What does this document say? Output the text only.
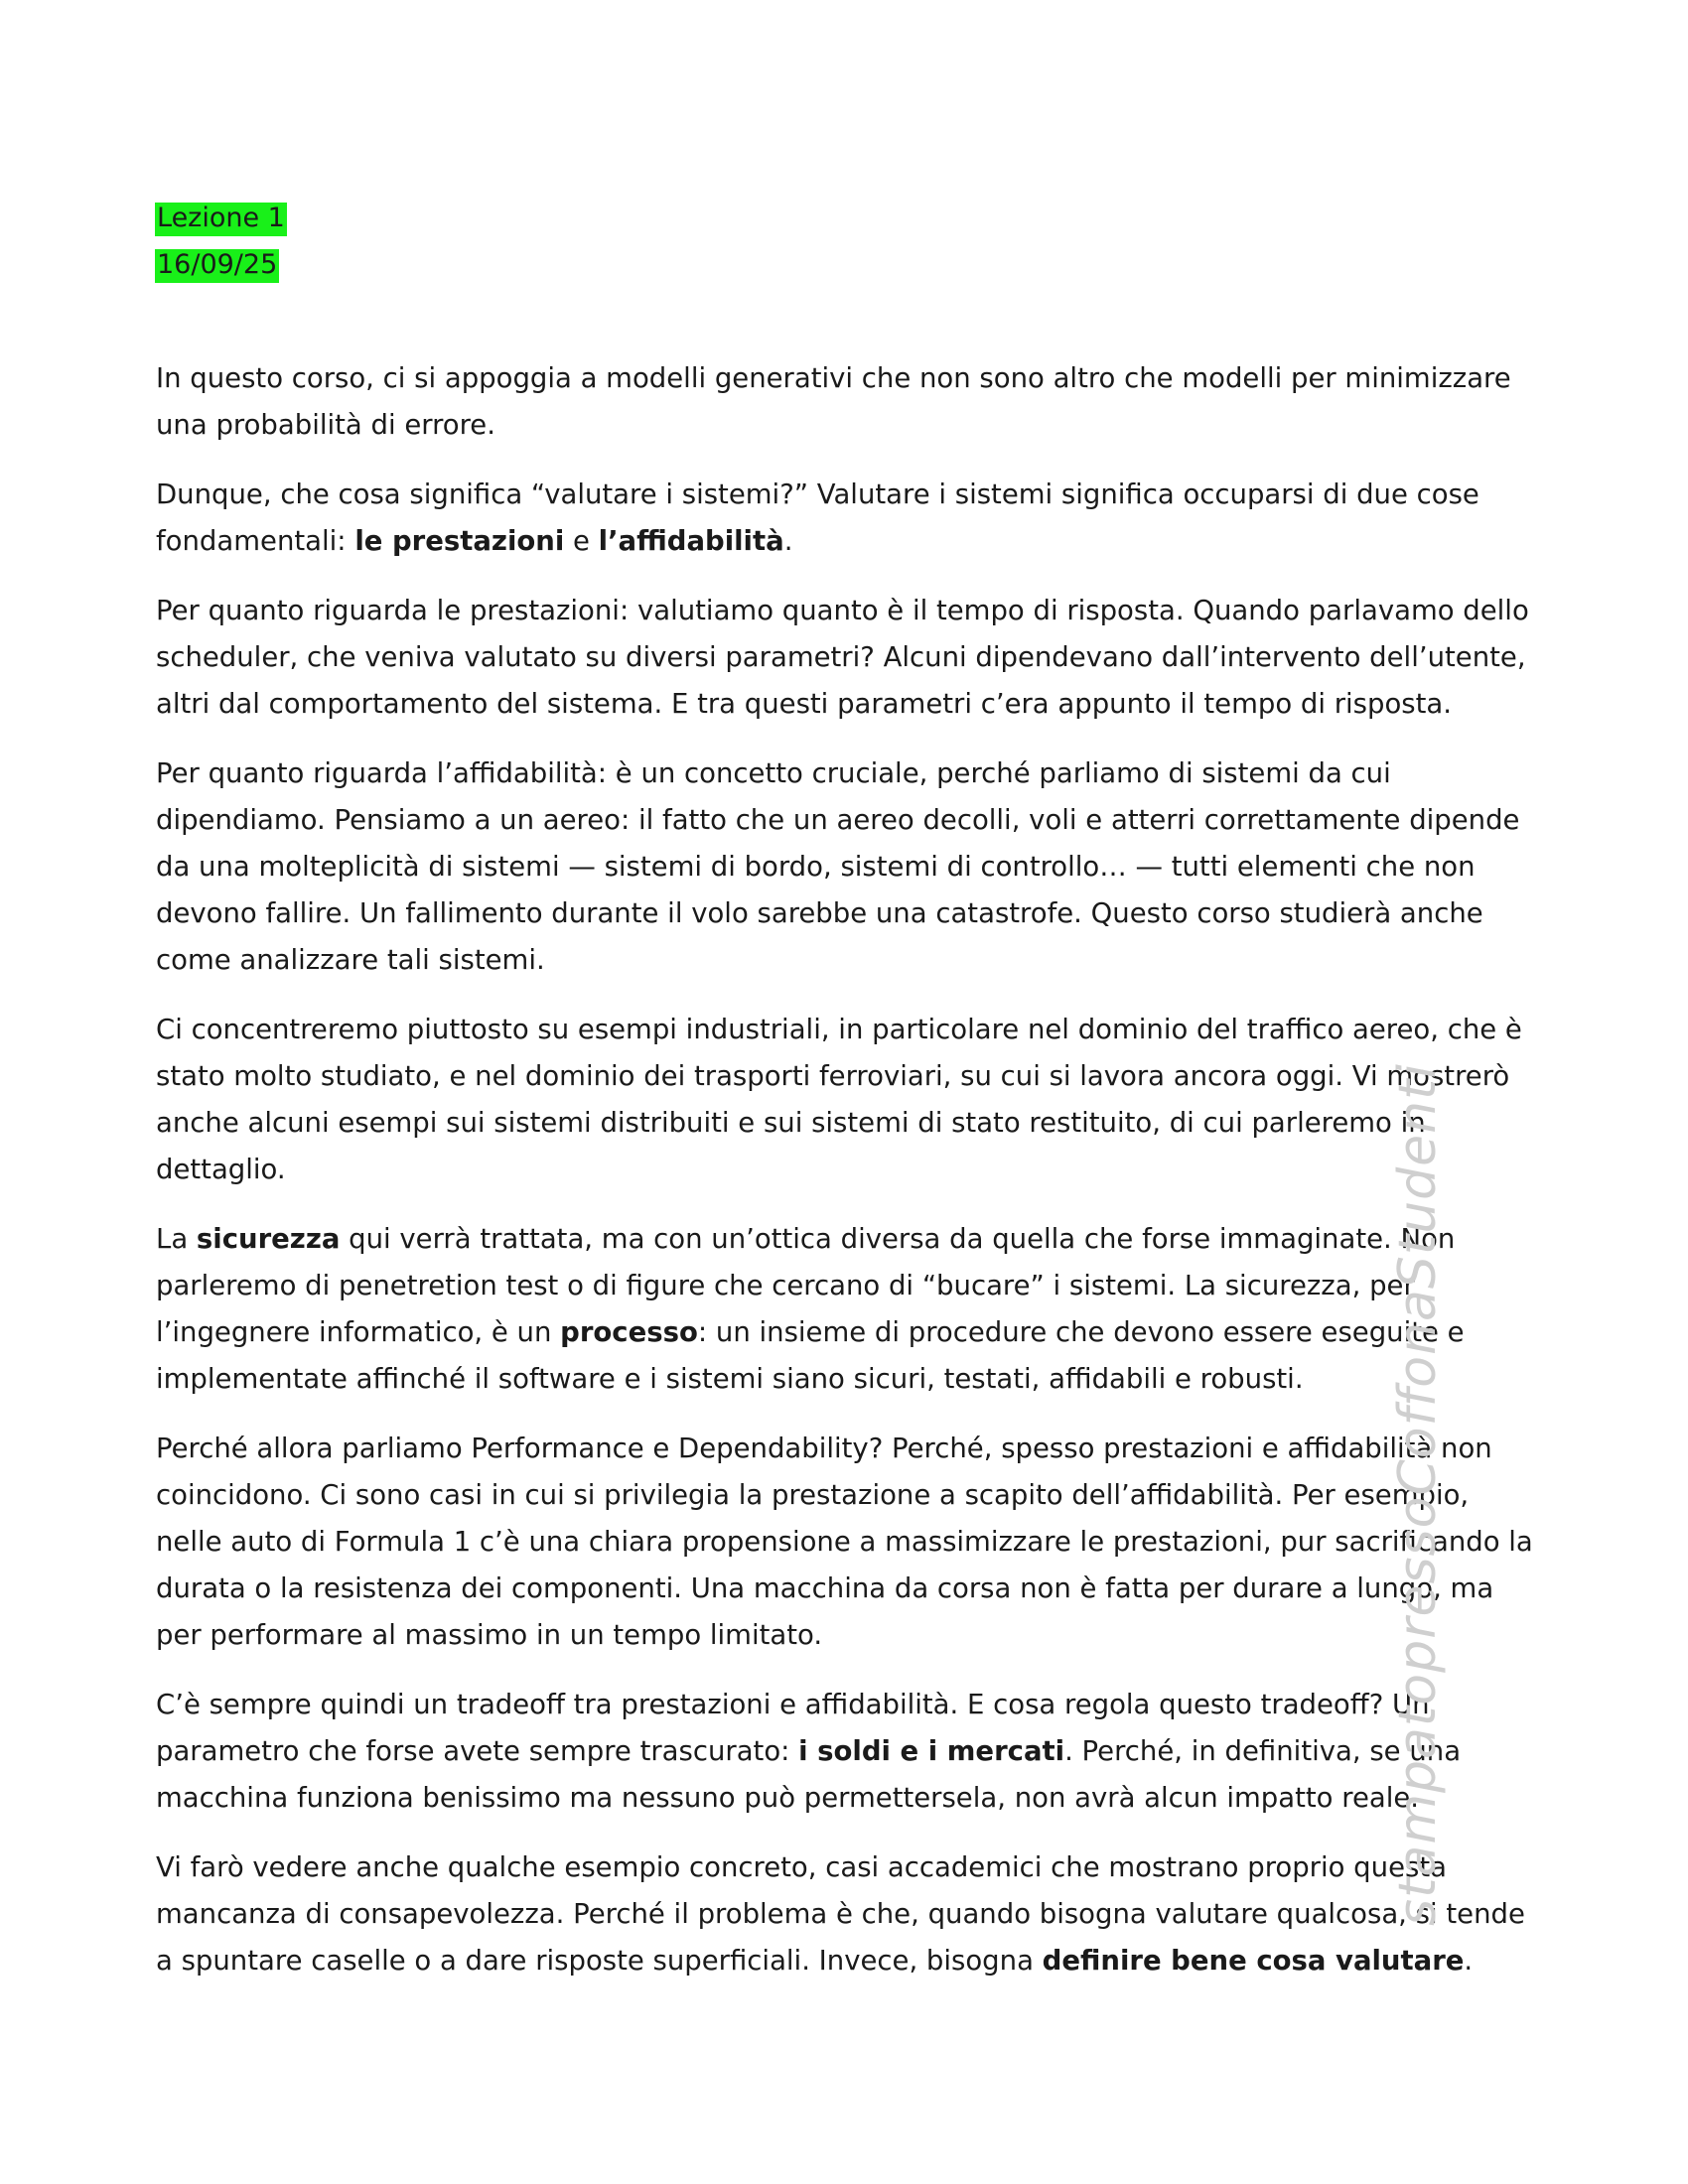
Lezione 1
16/09/25

In questo corso, ci si appoggia a modelli generativi che non sono altro che modelli per minimizzare una probabilità di errore.

Dunque, che cosa significa “valutare i sistemi?” Valutare i sistemi significa occuparsi di due cose fondamentali: le prestazioni e l’affidabilità.

Per quanto riguarda le prestazioni: valutiamo quanto è il tempo di risposta. Quando parlavamo dello scheduler, che veniva valutato su diversi parametri? Alcuni dipendevano dall’intervento dell’utente, altri dal comportamento del sistema. E tra questi parametri c’era appunto il tempo di risposta.

Per quanto riguarda l’affidabilità: è un concetto cruciale, perché parliamo di sistemi da cui dipendiamo. Pensiamo a un aereo: il fatto che un aereo decolli, voli e atterri correttamente dipende da una molteplicità di sistemi — sistemi di bordo, sistemi di controllo… — tutti elementi che non devono fallire. Un fallimento durante il volo sarebbe una catastrofe. Questo corso studierà anche come analizzare tali sistemi.

Ci concentreremo piuttosto su esempi industriali, in particolare nel dominio del traffico aereo, che è stato molto studiato, e nel dominio dei trasporti ferroviari, su cui si lavora ancora oggi. Vi mostrerò anche alcuni esempi sui sistemi distribuiti e sui sistemi di stato restituito, di cui parleremo in dettaglio.

La sicurezza qui verrà trattata, ma con un’ottica diversa da quella che forse immaginate. Non parleremo di penetretion test o di figure che cercano di “bucare” i sistemi. La sicurezza, per l’ingegnere informatico, è un processo: un insieme di procedure che devono essere eseguite e implementate affinché il software e i sistemi siano sicuri, testati, affidabili e robusti.

Perché allora parliamo Performance e Dependability? Perché, spesso prestazioni e affidabilità non coincidono. Ci sono casi in cui si privilegia la prestazione a scapito dell’affidabilità. Per esempio, nelle auto di Formula 1 c’è una chiara propensione a massimizzare le prestazioni, pur sacrificando la durata o la resistenza dei componenti. Una macchina da corsa non è fatta per durare a lungo, ma per performare al massimo in un tempo limitato.

C’è sempre quindi un tradeoff tra prestazioni e affidabilità. E cosa regola questo tradeoff? Un parametro che forse avete sempre trascurato: i soldi e i mercati. Perché, in definitiva, se una macchina funziona benissimo ma nessuno può permettersela, non avrà alcun impatto reale.

Vi farò vedere anche qualche esempio concreto, casi accademici che mostrano proprio questa mancanza di consapevolezza. Perché il problema è che, quando bisogna valutare qualcosa, si tende a spuntare caselle o a dare risposte superficiali. Invece, bisogna definire bene cosa valutare.

stampatopressoCoffonaStudenti
